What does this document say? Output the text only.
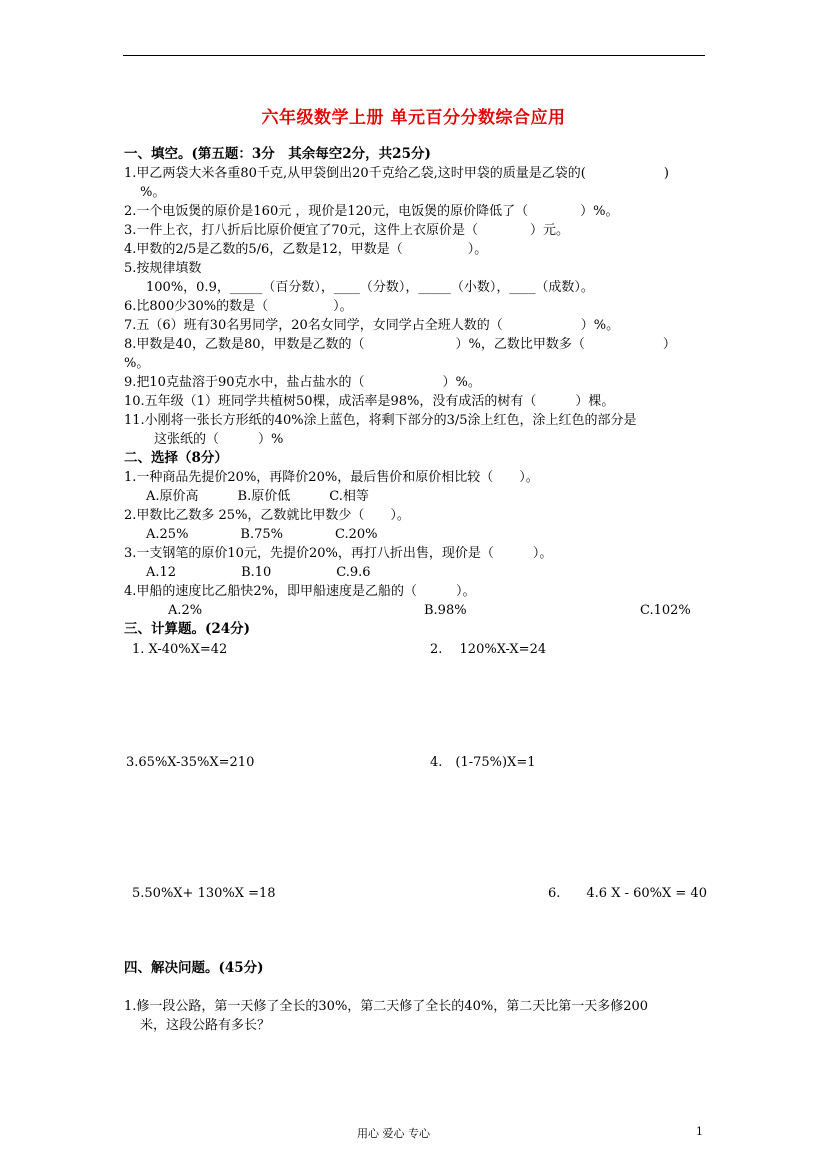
六年级数学上册 单元百分分数综合应用
一、填空。(第五题：3分　其余每空2分，共25分)
1.甲乙两袋大米各重80千克,从甲袋倒出20千克给乙袋,这时甲袋的质量是乙袋的(　　　　　　)
%。
2.一个电饭煲的原价是160元 ，现价是120元，电饭煲的原价降低了（　　　　）%。
3.一件上衣，打八折后比原价便宜了70元，这件上衣原价是（　　　　）元。
4.甲数的2/5是乙数的5/6，乙数是12，甲数是（　　　　　）。
5.按规律填数
100%，0.9，_____（百分数），____（分数），_____（小数），____（成数）。
6.比800少30%的数是（　　　　　）。
7.五（6）班有30名男同学，20名女同学，女同学占全班人数的（　　　　　　）%。
8.甲数是40，乙数是80，甲数是乙数的（　　　　　　　）%，乙数比甲数多（　　　　　　）
%。
9.把10克盐溶于90克水中，盐占盐水的（　　　　　　）%。
10.五年级（1）班同学共植树50棵，成活率是98%，没有成活的树有（　　　）棵。
11.小刚将一张长方形纸的40%涂上蓝色，将剩下部分的3/5涂上红色，涂上红色的部分是
这张纸的（　　　）%
二、选择（8分）
1.一种商品先提价20%，再降价20%，最后售价和原价相比较（　　）。
A.原价高　　　B.原价低　　　C.相等
2.甲数比乙数多 25%，乙数就比甲数少（　　）。
A.25%　　　　B.75%　　　　C.20%
3.一支钢笔的原价10元，先提价20%，再打八折出售，现价是（　　　）。
A.12　　　　　B.10　　　　　C.9.6
4.甲船的速度比乙船快2%，即甲船速度是乙船的（　　　）。
A.2%	B.98%	C.102%
三、计算题。(24分)
1. X-40%X=42	2.　 120%X-X=24
3.65%X-35%X=210	4.　(1-75%)X=1
5.50%X+ 130%X =18	6.　　4.6 X - 60%X = 40
四、解决问题。(45分)
1.修一段公路，第一天修了全长的30%，第二天修了全长的40%，第二天比第一天多修200
米，这段公路有多长？
用心 爱心 专心	1
